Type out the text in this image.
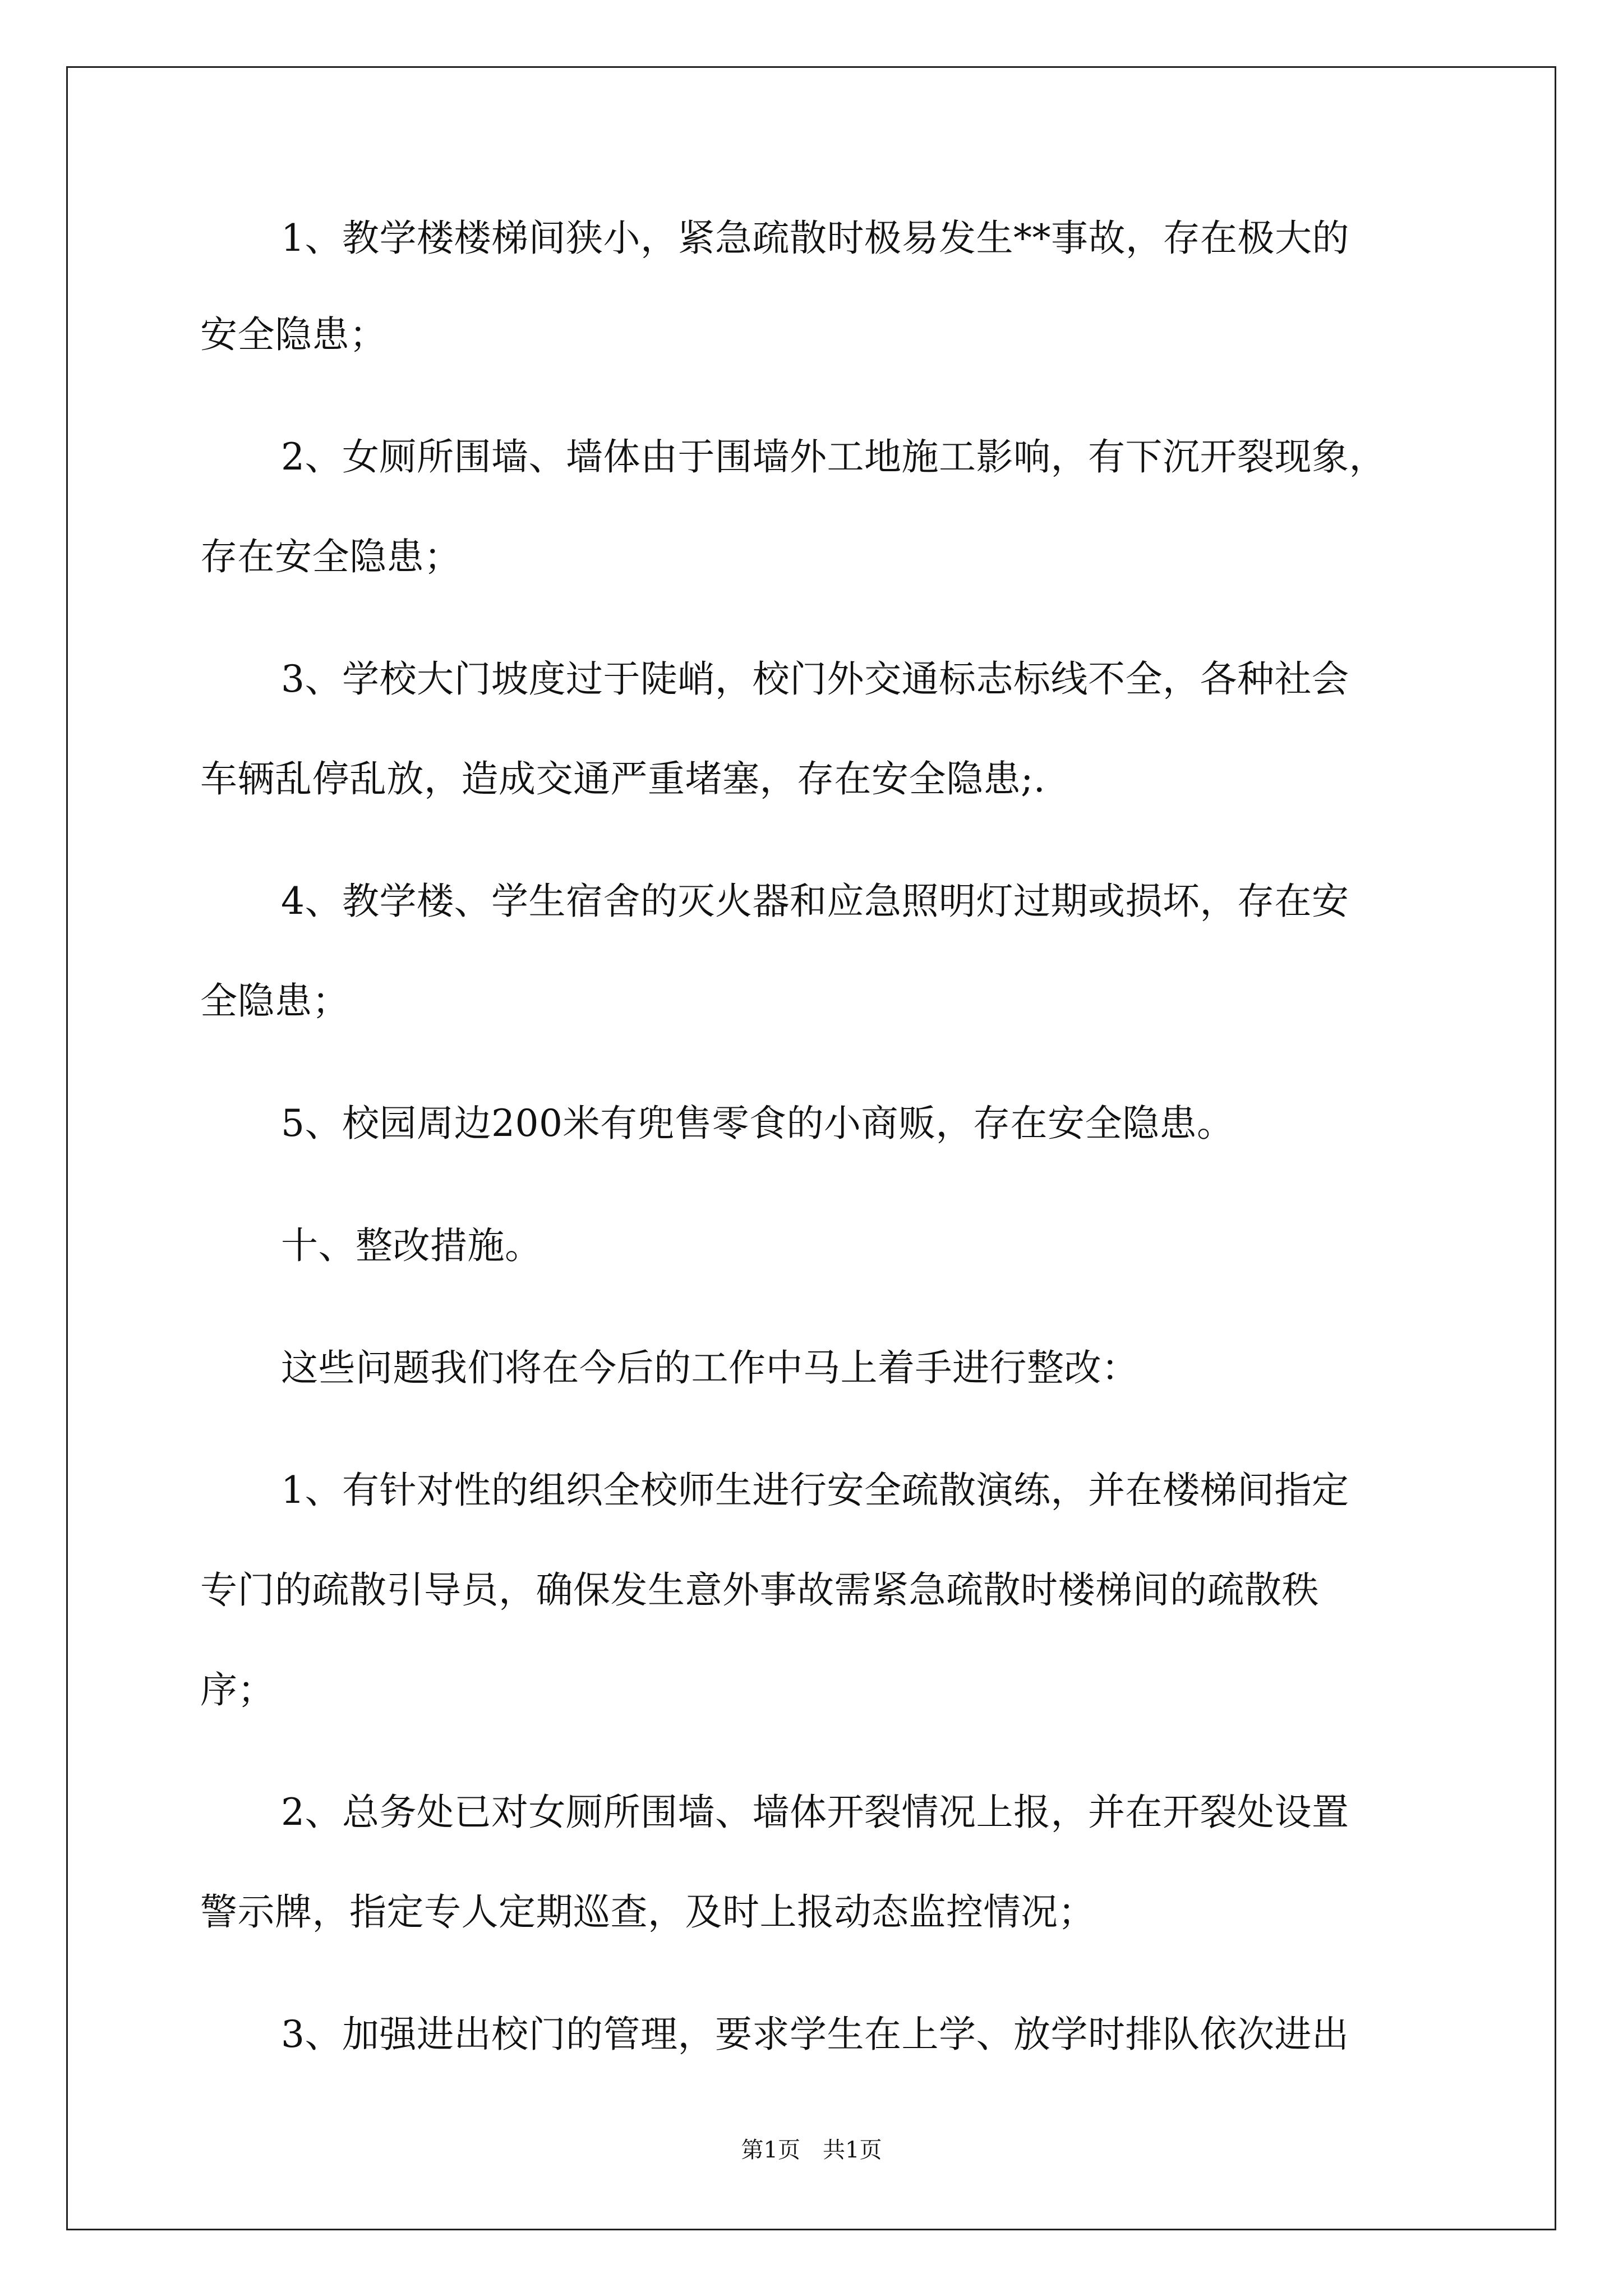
1、教学楼楼梯间狭小，紧急疏散时极易发生**事故，存在极大的
安全隐患；
2、女厕所围墙、墙体由于围墙外工地施工影响，有下沉开裂现象，
存在安全隐患；
3、学校大门坡度过于陡峭，校门外交通标志标线不全，各种社会
车辆乱停乱放，造成交通严重堵塞，存在安全隐患;.
4、教学楼、学生宿舍的灭火器和应急照明灯过期或损坏，存在安
全隐患；
5、校园周边200米有兜售零食的小商贩，存在安全隐患。
十、整改措施。
这些问题我们将在今后的工作中马上着手进行整改：
1、有针对性的组织全校师生进行安全疏散演练，并在楼梯间指定
专门的疏散引导员，确保发生意外事故需紧急疏散时楼梯间的疏散秩
序；
2、总务处已对女厕所围墙、墙体开裂情况上报，并在开裂处设置
警示牌，指定专人定期巡查，及时上报动态监控情况；
3、加强进出校门的管理，要求学生在上学、放学时排队依次进出
第1页 共1页
